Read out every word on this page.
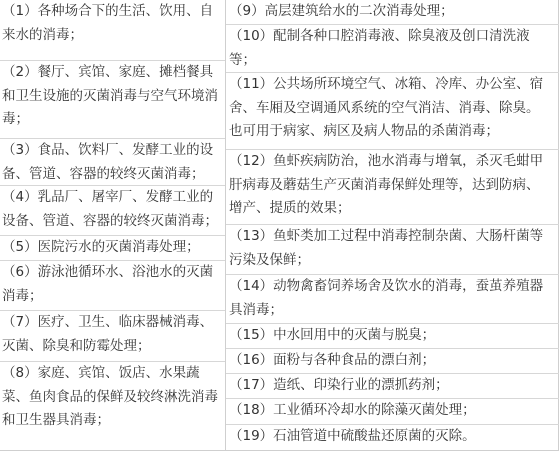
（1）各种场合下的生活、饮用、自
来水的消毒；
（2）餐厅、宾馆、家庭、摊档餐具
和卫生设施的灭菌消毒与空气环境消
毒；
（3）食品、饮料厂、发酵工业的设
备、管道、容器的较终灭菌消毒；
（4）乳品厂、屠宰厂、发酵工业的
设备、管道、容器的较终灭菌消毒；
（5）医院污水的灭菌消毒处理；
（6）游泳池循环水、浴池水的灭菌
消毒；
（7）医疗、卫生、临床器械消毒、
灭菌、除臭和防霉处理；
（8）家庭、宾馆、饭店、水果蔬
菜、鱼肉食品的保鲜及较终淋洗消毒
和卫生器具消毒；
（9）高层建筑给水的二次消毒处理；
（10）配制各种口腔消毒液、除臭液及创口清洗液
等；
（11）公共场所环境空气、冰箱、冷库、办公室、宿
舍、车厢及空调通风系统的空气消洁、消毒、除臭。
也可用于病家、病区及病人物品的杀菌消毒；
（12）鱼虾疾病防治，池水消毒与增氧，杀灭毛蚶甲
肝病毒及蘑菇生产灭菌消毒保鲜处理等，达到防病、
增产、提质的效果；
（13）鱼虾类加工过程中消毒控制杂菌、大肠杆菌等
污染及保鲜；
（14）动物禽畜饲养场舍及饮水的消毒，蚕茧养殖器
具消毒；
（15）中水回用中的灭菌与脱臭；
（16）面粉与各种食品的漂白剂；
（17）造纸、印染行业的漂抓药剂；
（18）工业循环冷却水的除藻灭菌处理；
（19）石油管道中硫酸盐还原菌的灭除。
